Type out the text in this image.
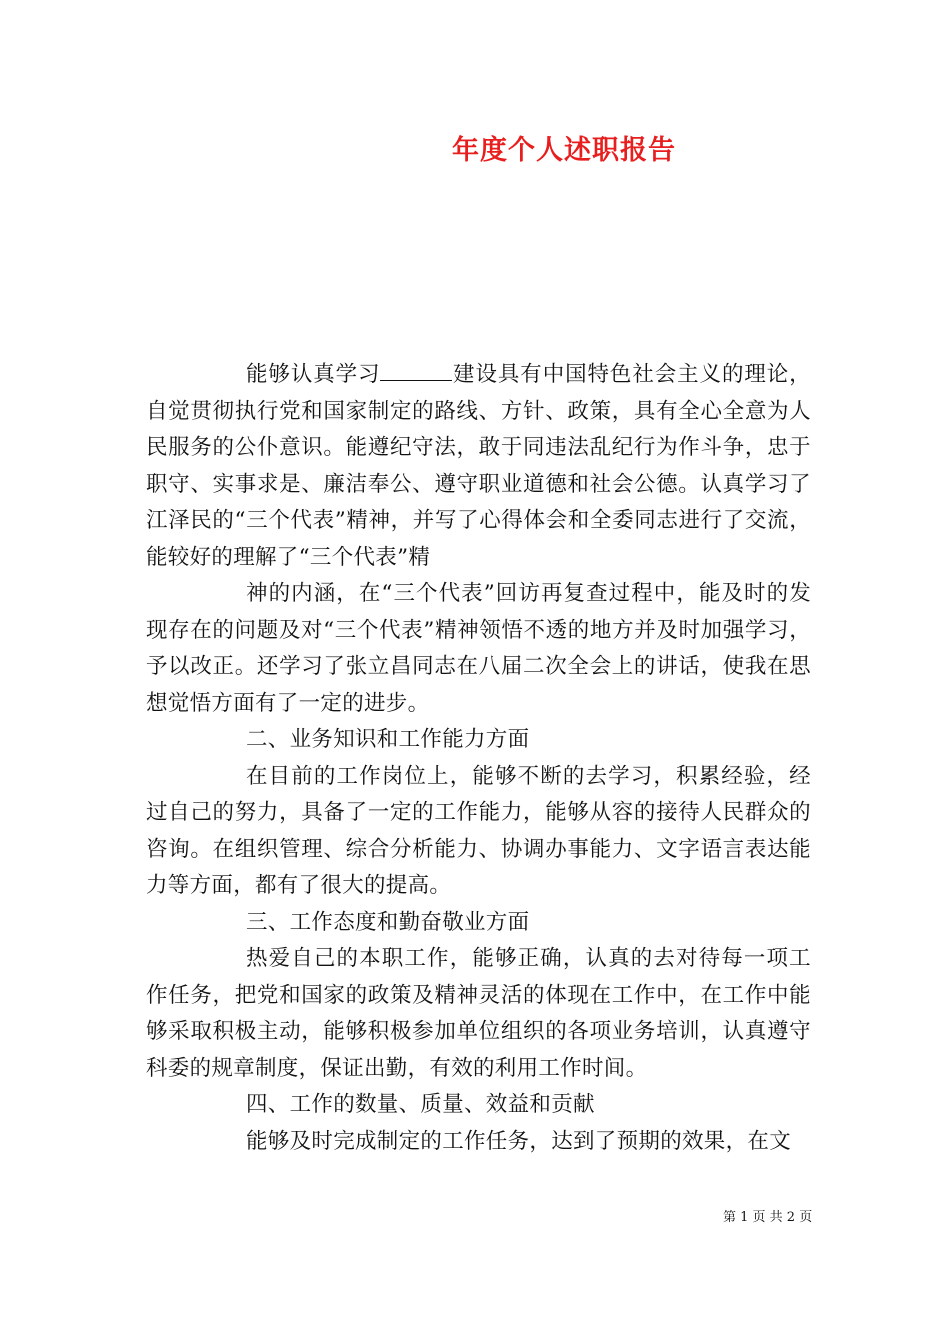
年度个人述职报告

能够认真学习	建设具有中国特色社会主义的理论，自觉贯彻执行党和国家制定的路线、方针、政策，具有全心全意为人民服务的公仆意识。能遵纪守法，敢于同违法乱纪行为作斗争，忠于职守、实事求是、廉洁奉公、遵守职业道德和社会公德。认真学习了江泽民的“三个代表”精神，并写了心得体会和全委同志进行了交流，能较好的理解了“三个代表”精

神的内涵，在“三个代表”回访再复查过程中，能及时的发现存在的问题及对“三个代表”精神领悟不透的地方并及时加强学习，予以改正。还学习了张立昌同志在八届二次全会上的讲话，使我在思想觉悟方面有了一定的进步。

二、业务知识和工作能力方面

在目前的工作岗位上，能够不断的去学习，积累经验，经过自己的努力，具备了一定的工作能力，能够从容的接待人民群众的咨询。在组织管理、综合分析能力、协调办事能力、文字语言表达能力等方面，都有了很大的提高。

三、工作态度和勤奋敬业方面

热爱自己的本职工作，能够正确，认真的去对待每一项工作任务，把党和国家的政策及精神灵活的体现在工作中，在工作中能够采取积极主动，能够积极参加单位组织的各项业务培训，认真遵守科委的规章制度，保证出勤，有效的利用工作时间。

四、工作的数量、质量、效益和贡献

能够及时完成制定的工作任务，达到了预期的效果，在文

第 1 页 共 2 页
